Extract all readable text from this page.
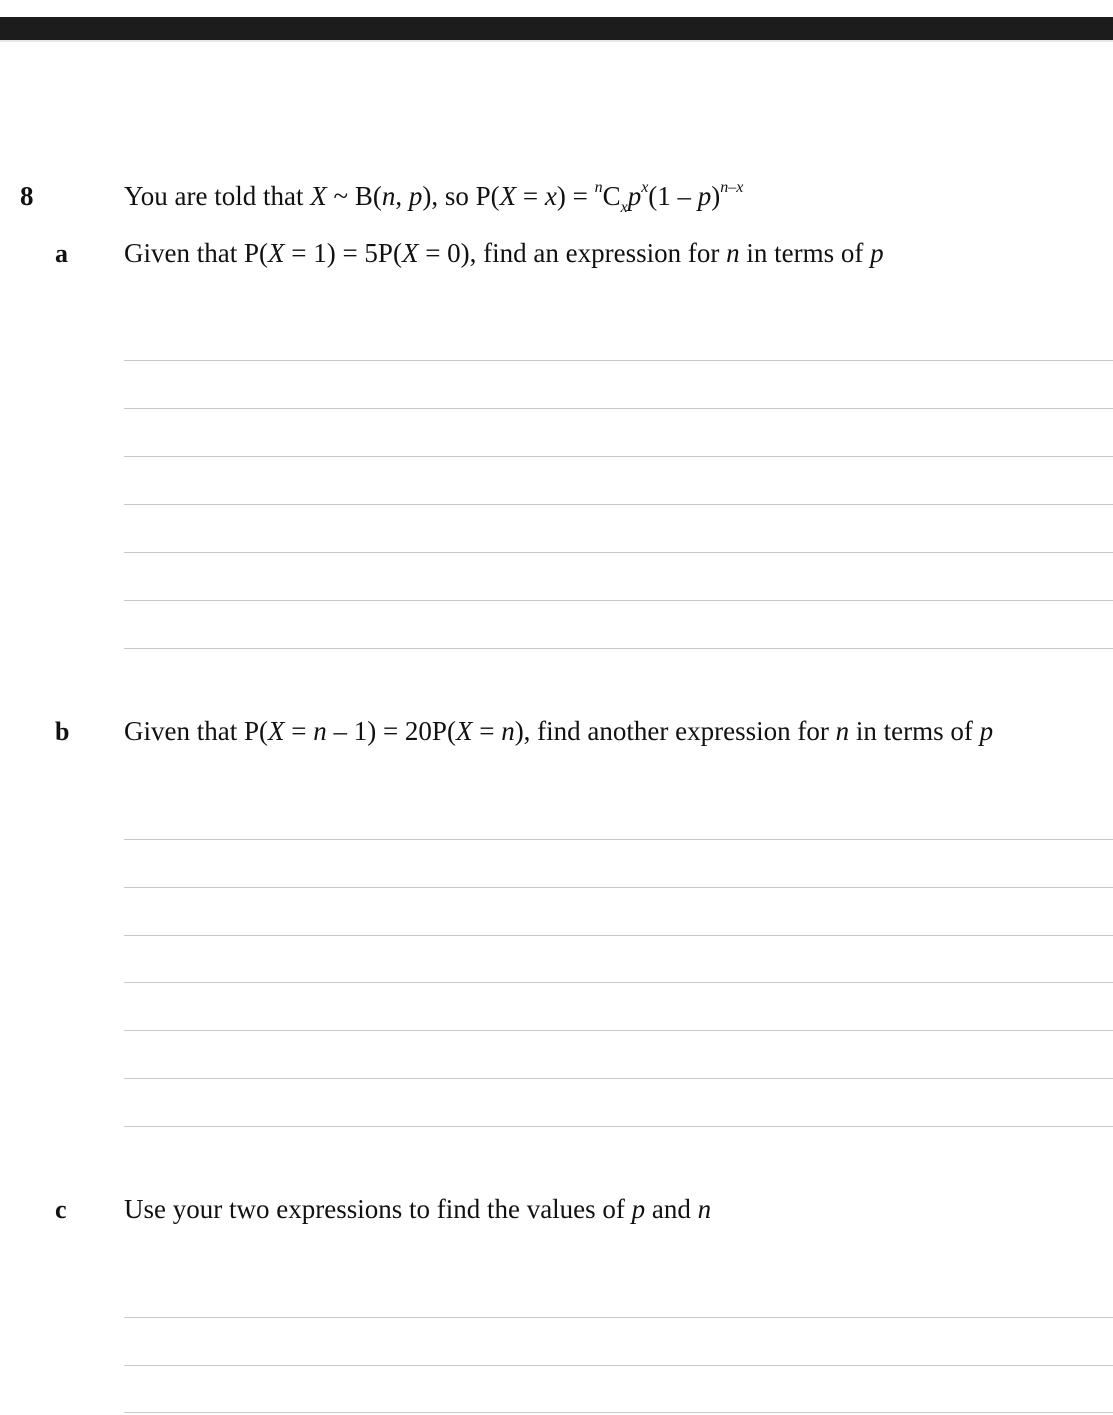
8	You are told that X ~ B(n, p), so $P(X = x) = ^nC_xp^x(1 - p)^{n-x}$
a Given that P(X = 1) = 5P(X = 0), find an expression for n in terms of p
b Given that P(X = n – 1) = 20P(X = n), find another expression for n in terms of p
c Use your two expressions to find the values of p and n
